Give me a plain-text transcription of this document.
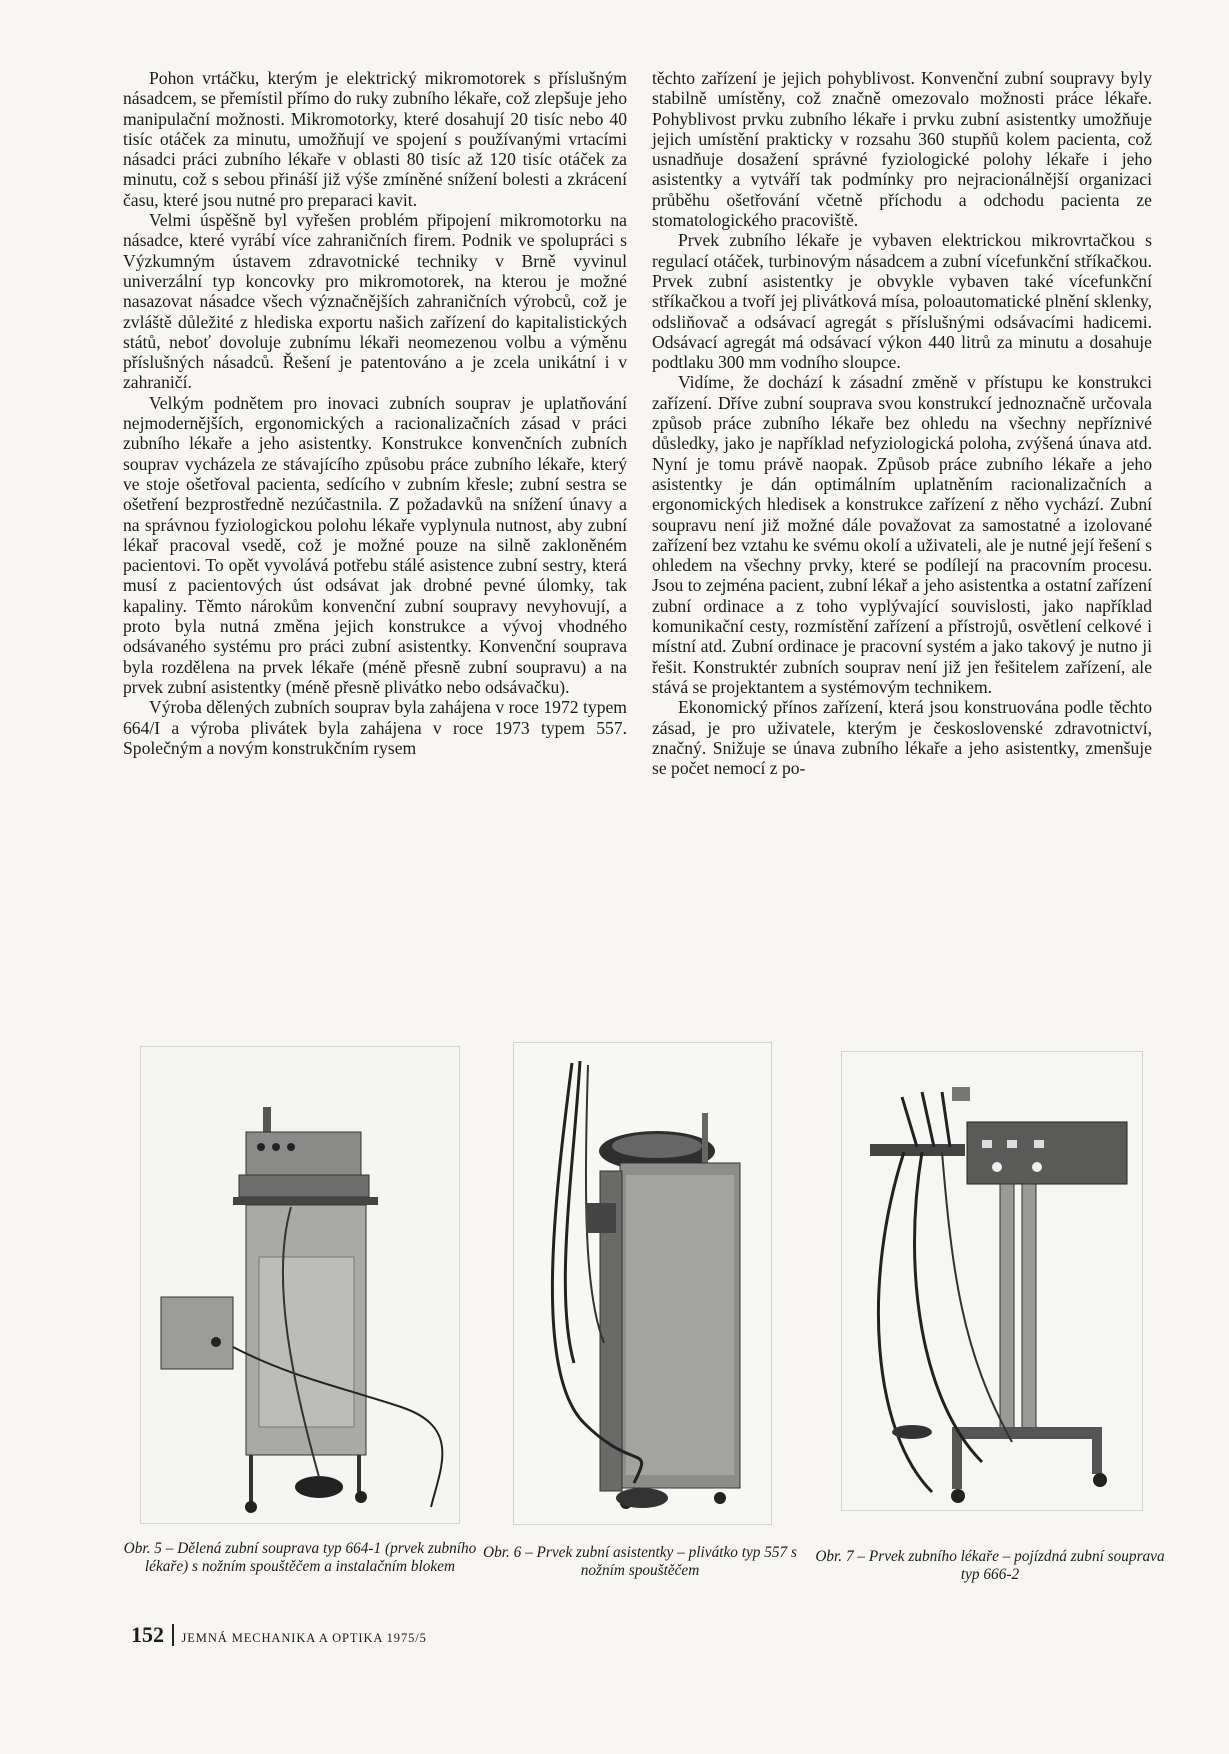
Pohon vrtáčku, kterým je elektrický mikromotorek s příslušným násadcem, se přemístil přímo do ruky zubního lékaře, což zlepšuje jeho manipulační možnosti. Mikromotorky, které dosahují 20 tisíc nebo 40 tisíc otáček za minutu, umožňují ve spojení s používanými vrtacími násadci práci zubního lékaře v oblasti 80 tisíc až 120 tisíc otáček za minutu, což s sebou přináší již výše zmíněné snížení bolesti a zkrácení času, které jsou nutné pro preparaci kavit.

Velmi úspěšně byl vyřešen problém připojení mikromotorku na násadce, které vyrábí více zahraničních firem. Podnik ve spolupráci s Výzkumným ústavem zdravotnické techniky v Brně vyvinul univerzální typ koncovky pro mikromotorek, na kterou je možné nasazovat násadce všech význačnějších zahraničních výrobců, což je zvláště důležité z hlediska exportu našich zařízení do kapitalistických států, neboť dovoluje zubnímu lékaři neomezenou volbu a výměnu příslušných násadců. Řešení je patentováno a je zcela unikátní i v zahraničí.

Velkým podnětem pro inovaci zubních souprav je uplatňování nejmodernějších, ergonomických a racionalizačních zásad v práci zubního lékaře a jeho asistentky. Konstrukce konvenčních zubních souprav vycházela ze stávajícího způsobu práce zubního lékaře, který ve stoje ošetřoval pacienta, sedícího v zubním křesle; zubní sestra se ošetření bezprostředně nezúčastnila. Z požadavků na snížení únavy a na správnou fyziologickou polohu lékaře vyplynula nutnost, aby zubní lékař pracoval vsedě, což je možné pouze na silně zakloněném pacientovi. To opět vyvolává potřebu stálé asistence zubní sestry, která musí z pacientových úst odsávat jak drobné pevné úlomky, tak kapaliny. Těmto nárokům konvenční zubní soupravy nevyhovují, a proto byla nutná změna jejich konstrukce a vývoj vhodného odsávaného systému pro práci zubní asistentky. Konvenční souprava byla rozdělena na prvek lékaře (méně přesně zubní soupravu) a na prvek zubní asistentky (méně přesně plivátko nebo odsávačku).

Výroba dělených zubních souprav byla zahájena v roce 1972 typem 664/I a výroba plivátek byla zahájena v roce 1973 typem 557. Společným a novým konstrukčním rysem

těchto zařízení je jejich pohyblivost. Konvenční zubní soupravy byly stabilně umístěny, což značně omezovalo možnosti práce lékaře. Pohyblivost prvku zubního lékaře i prvku zubní asistentky umožňuje jejich umístění prakticky v rozsahu 360 stupňů kolem pacienta, což usnadňuje dosažení správné fyziologické polohy lékaře i jeho asistentky a vytváří tak podmínky pro nejracionálnější organizaci průběhu ošetřování včetně příchodu a odchodu pacienta ze stomatologického pracoviště.

Prvek zubního lékaře je vybaven elektrickou mikrovrtačkou s regulací otáček, turbinovým násadcem a zubní vícefunkční stříkačkou. Prvek zubní asistentky je obvykle vybaven také vícefunkční stříkačkou a tvoří jej plivátková mísa, poloautomatické plnění sklenky, odsliňovač a odsávací agregát s příslušnými odsávacími hadicemi. Odsávací agregát má odsávací výkon 440 litrů za minutu a dosahuje podtlaku 300 mm vodního sloupce.

Vidíme, že dochází k zásadní změně v přístupu ke konstrukci zařízení. Dříve zubní souprava svou konstrukcí jednoznačně určovala způsob práce zubního lékaře bez ohledu na všechny nepříznivé důsledky, jako je například nefyziologická poloha, zvýšená únava atd. Nyní je tomu právě naopak. Způsob práce zubního lékaře a jeho asistentky je dán optimálním uplatněním racionalizačních a ergonomických hledisek a konstrukce zařízení z něho vychází. Zubní soupravu není již možné dále považovat za samostatné a izolované zařízení bez vztahu ke svému okolí a uživateli, ale je nutné její řešení s ohledem na všechny prvky, které se podílejí na pracovním procesu. Jsou to zejména pacient, zubní lékař a jeho asistentka a ostatní zařízení zubní ordinace a z toho vyplývající souvislosti, jako například komunikační cesty, rozmístění zařízení a přístrojů, osvětlení celkové i místní atd. Zubní ordinace je pracovní systém a jako takový je nutno ji řešit. Konstruktér zubních souprav není již jen řešitelem zařízení, ale stává se projektantem a systémovým technikem.

Ekonomický přínos zařízení, která jsou konstruována podle těchto zásad, je pro uživatele, kterým je československé zdravotnictví, značný. Snižuje se únava zubního lékaře a jeho asistentky, zmenšuje se počet nemocí z po-

Obr. 5 – Dělená zubní souprava typ 664-1 (prvek zubního lékaře) s nožním spouštěčem a instalačním blokem
Obr. 6 – Prvek zubní asistentky – plivátko typ 557 s nožním spouštěčem
Obr. 7 – Prvek zubního lékaře – pojízdná zubní souprava typ 666-2
152 JEMNÁ MECHANIKA A OPTIKA 1975/5
